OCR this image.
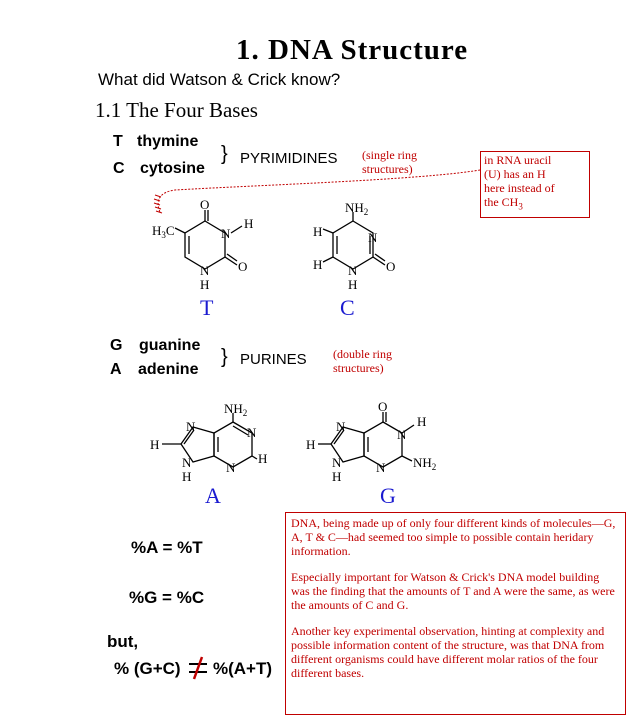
1. DNA Structure
What did Watson & Crick know?
1.1 The Four Bases
T thymine
C cytosine
} PYRIMIDINES (single ring
structures)
in RNA uracil
(U) has an H
here instead of
the $CH_3$
G guanine
A adenine
} PURINES (double ring
structures)
T	C
A	G
O
N
H
$H_3C$
O
N
H
$NH_2$
H	N
H	O
N
H
$NH_2$
N	N
H
N
N
H
H
O
N
N
H
H
$NH_2$
N
N
H
%A = %T
%G = %C
but,
% (G+C) %(A+T)
DNA, being made up of only four different kinds of molecules—G, A, T & C—had seemed too simple to possible contain heridary information.
Especially important for Watson & Crick's DNA model building was the finding that the amounts of T and A were the same, as were the amounts of C and G.
Another key experimental observation, hinting at complexity and possible information content of the structure, was that DNA from different organisms could have different molar ratios of the four different bases.
